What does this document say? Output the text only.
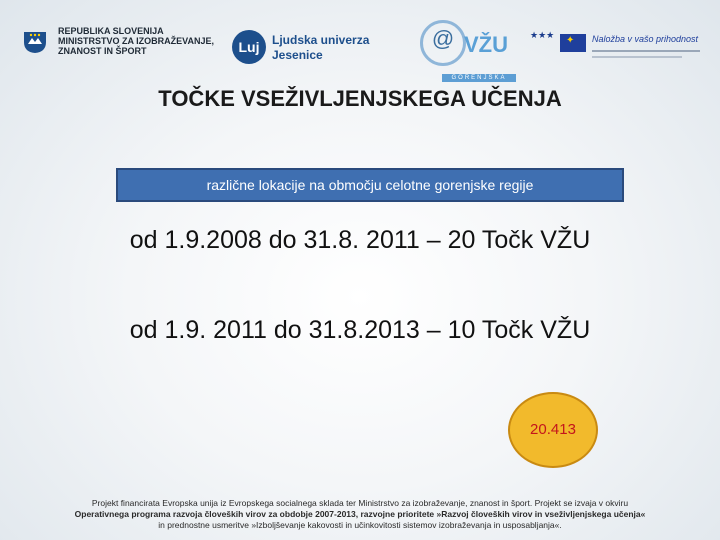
REPUBLIKA SLOVENIJA
MINISTRSTVO ZA IZOBRAŽEVANJE,
ZNANOST IN ŠPORT	Luj	Ljudska univerza
Jesenice
@ VŽU
GORENJSKA
★★★ ✦ Naložba v vašo prihodnost
TOČKE VSEŽIVLJENJSKEGA UČENJA
različne lokacije na območju celotne gorenjske regije
od 1.9.2008 do 31.8. 2011 – 20 Točk VŽU
od 1.9. 2011 do 31.8.2013 – 10 Točk VŽU
20.413
Projekt financirata Evropska unija iz Evropskega socialnega sklada ter Ministrstvo za izobraževanje, znanost in šport. Projekt se izvaja v okviru
Operativnega programa razvoja človeških virov za obdobje 2007-2013, razvojne prioritete »Razvoj človeških virov in vseživljenjskega učenja«
in prednostne usmeritve »Izboljševanje kakovosti in učinkovitosti sistemov izobraževanja in usposabljanja«.
